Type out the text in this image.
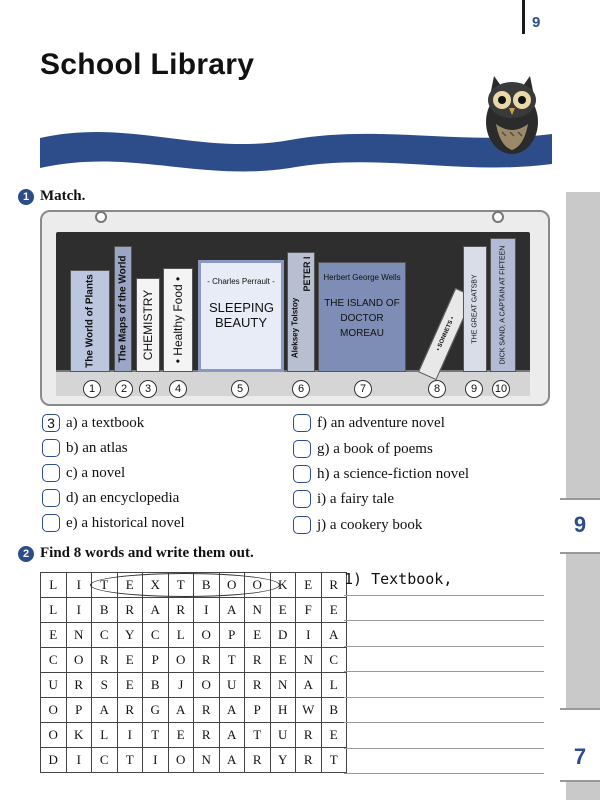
9
School Library
9
7
1 Match.
The World of Plants The Maps of the World CHEMISTRY • Healthy Food •	- Charles Perrault -
SLEEPING BEAUTY	Aleksey Tolstoy
PETER I	Herbert George Wells
THE ISLAND OF DOCTOR MOREAU	• SONNETS • THE GREAT GATSBY	DICK SAND, A CAPTAIN AT FIFTEEN
1	2	3	4	5	6	7	8	9	10
3 a) a textbook
b) an atlas
c) a novel
d) an encyclopedia
e) a historical novel
f) an adventure novel
g) a book of poems
h) a science-fiction novel
i) a fairy tale
j) a cookery book
2 Find 8 words and write them out.
L	I	T	E	X	T	B	O	O	K	E	R
L	I	B	R	A	R	I	A	N	E	F	E
E	N	C	Y	C	L	O	P	E	D	I	A
C	O	R	E	P	O	R	T	R	E	N	C
U	R	S	E	B	J	O	U	R	N	A	L
O	P	A	R	G	A	R	A	P	H	W	B
O	K	L	I	T	E	R	A	T	U	R	E
D	I	C	T	I	O	N	A	R	Y	R	T
1) Textbook,
